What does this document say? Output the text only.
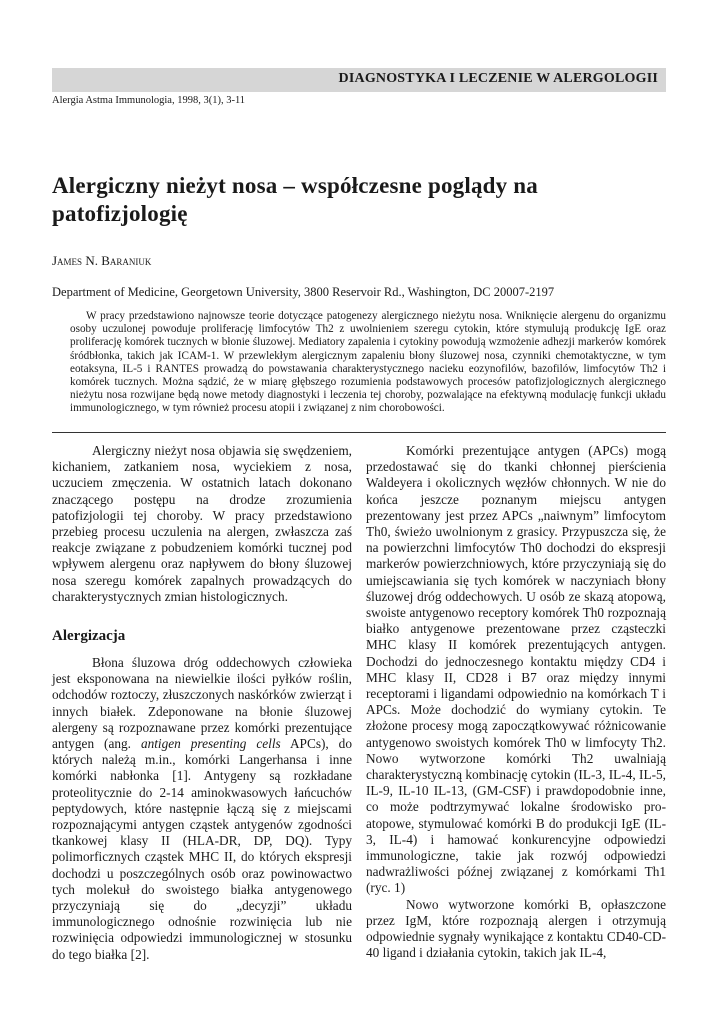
DIAGNOSTYKA I LECZENIE W ALERGOLOGII
Alergia Astma Immunologia, 1998, 3(1), 3-11
Alergiczny nieżyt nosa – współczesne poglądy na patofizjologię
James N. Baraniuk
Department of Medicine, Georgetown University, 3800 Reservoir Rd., Washington, DC 20007-2197

W pracy przedstawiono najnowsze teorie dotyczące patogenezy alergicznego nieżytu nosa. Wniknięcie alergenu do organizmu osoby uczulonej powoduje proliferację limfocytów Th2 z uwolnieniem szeregu cytokin, które stymulują produkcję IgE oraz proliferację komórek tucznych w błonie śluzowej. Mediatory zapalenia i cytokiny powodują wzmożenie adhezji markerów komórek śródbłonka, takich jak ICAM-1. W przewlekłym alergicznym zapaleniu błony śluzowej nosa, czynniki chemotaktyczne, w tym eotaksyna, IL-5 i RANTES prowadzą do powstawania charakterystycznego nacieku eozynofilów, bazofilów, limfocytów Th2 i komórek tucznych. Można sądzić, że w miarę głębszego rozumienia podstawowych procesów patofizjologicznych alergicznego nieżytu nosa rozwijane będą nowe metody diagnostyki i leczenia tej choroby, pozwalające na efektywną modulację funkcji układu immunologicznego, w tym również procesu atopii i związanej z nim chorobowości.

Alergiczny nieżyt nosa objawia się swędzeniem, kichaniem, zatkaniem nosa, wyciekiem z nosa, uczuciem zmęczenia. W ostatnich latach dokonano znaczącego postępu na drodze zrozumienia patofizjologii tej choroby. W pracy przedstawiono przebieg procesu uczulenia na alergen, zwłaszcza zaś reakcje związane z pobudzeniem komórki tucznej pod wpływem alergenu oraz napływem do błony śluzowej nosa szeregu komórek zapalnych prowadzących do charakterystycznych zmian histologicznych.

Alergizacja

Błona śluzowa dróg oddechowych człowieka jest eksponowana na niewielkie ilości pyłków roślin, odchodów roztoczy, złuszczonych naskórków zwierząt i innych białek. Zdeponowane na błonie śluzowej alergeny są rozpoznawane przez komórki prezentujące antygen (ang. antigen presenting cells APCs), do których należą m.in., komórki Langerhansa i inne komórki nabłonka [1]. Antygeny są rozkładane proteolitycznie do 2-14 aminokwasowych łańcuchów peptydowych, które następnie łączą się z miejscami rozpoznającymi antygen cząstek antygenów zgodności tkankowej klasy II (HLA-DR, DP, DQ). Typy polimorficznych cząstek MHC II, do których ekspresji dochodzi u poszczególnych osób oraz powinowactwo tych molekuł do swoistego białka antygenowego przyczyniają się do „decyzji” układu immunologicznego odnośnie rozwinięcia lub nie rozwinięcia odpowiedzi immunologicznej w stosunku do tego białka [2].

Komórki prezentujące antygen (APCs) mogą przedostawać się do tkanki chłonnej pierścienia Waldeyera i okolicznych węzłów chłonnych. W nie do końca jeszcze poznanym miejscu antygen prezentowany jest przez APCs „naiwnym” limfocytom Th0, świeżo uwolnionym z grasicy. Przypuszcza się, że na powierzchni limfocytów Th0 dochodzi do ekspresji markerów powierzchniowych, które przyczyniają się do umiejscawiania się tych komórek w naczyniach błony śluzowej dróg oddechowych. U osób ze skazą atopową, swoiste antygenowo receptory komórek Th0 rozpoznają białko antygenowe prezentowane przez cząsteczki MHC klasy II komórek prezentujących antygen. Dochodzi do jednoczesnego kontaktu między CD4 i MHC klasy II, CD28 i B7 oraz między innymi receptorami i ligandami odpowiednio na komórkach T i APCs. Może dochodzić do wymiany cytokin. Te złożone procesy mogą zapoczątkowywać różnicowanie antygenowo swoistych komórek Th0 w limfocyty Th2. Nowo wytworzone komórki Th2 uwalniają charakterystyczną kombinację cytokin (IL-3, IL-4, IL-5, IL-9, IL-10 IL-13, (GM-CSF) i prawdopodobnie inne, co może podtrzymywać lokalne środowisko pro-atopowe, stymulować komórki B do produkcji IgE (IL-3, IL-4) i hamować konkurencyjne odpowiedzi immunologiczne, takie jak rozwój odpowiedzi nadwrażliwości późnej związanej z komórkami Th1 (ryc. 1)

Nowo wytworzone komórki B, opłaszczone przez IgM, które rozpoznają alergen i otrzymują odpowiednie sygnały wynikające z kontaktu CD40-CD-40 ligand i działania cytokin, takich jak IL-4,
